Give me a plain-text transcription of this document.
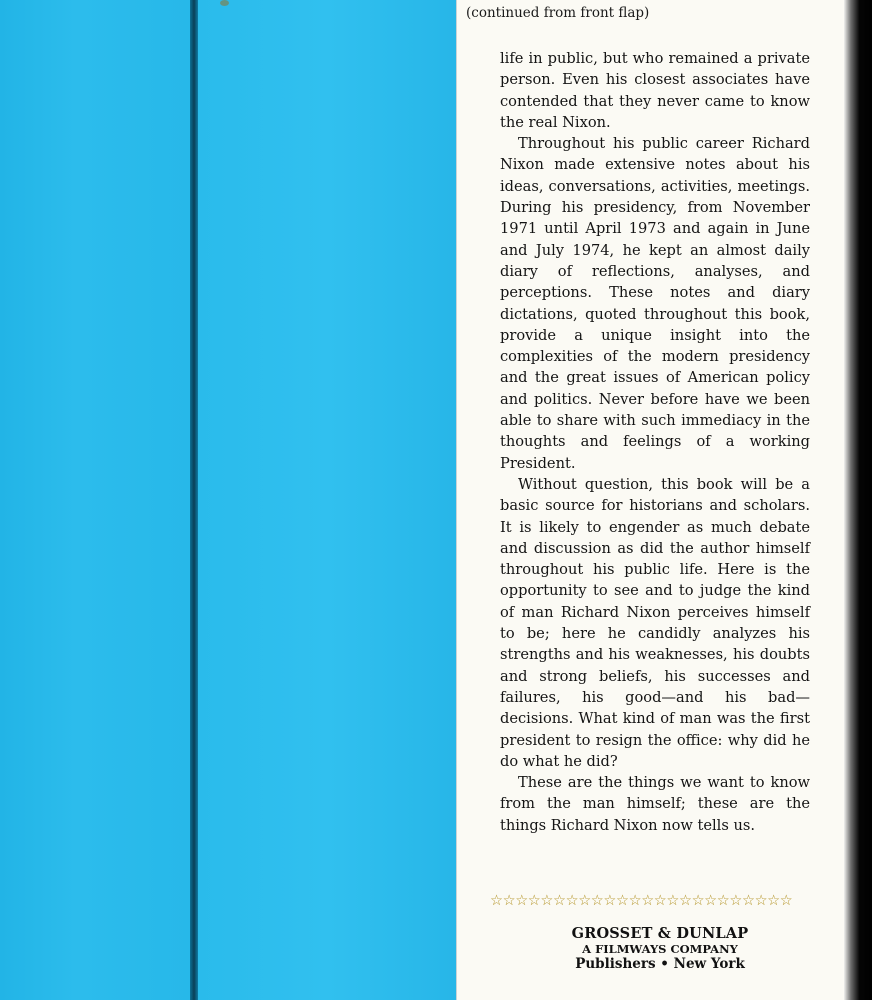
(continued from front flap)

life in public, but who remained a private person. Even his closest associates have contended that they never came to know the real Nixon.

Throughout his public career Richard Nixon made extensive notes about his ideas, conversations, activities, meetings. During his presidency, from November 1971 until April 1973 and again in June and July 1974, he kept an almost daily diary of reflections, analyses, and perceptions. These notes and diary dictations, quoted throughout this book, provide a unique insight into the complexities of the modern presidency and the great issues of American policy and politics. Never before have we been able to share with such immediacy in the thoughts and feelings of a working President.

Without question, this book will be a basic source for historians and scholars. It is likely to engender as much debate and discussion as did the author himself throughout his public life. Here is the opportunity to see and to judge the kind of man Richard Nixon perceives himself to be; here he candidly analyzes his strengths and his weaknesses, his doubts and strong beliefs, his successes and failures, his good—and his bad—decisions. What kind of man was the first president to resign the office: why did he do what he did?

These are the things we want to know from the man himself; these are the things Richard Nixon now tells us.

☆☆☆☆☆☆☆☆☆☆☆☆☆☆☆☆☆☆☆☆☆☆☆☆
GROSSET & DUNLAP
A FILMWAYS COMPANY
Publishers • New York
